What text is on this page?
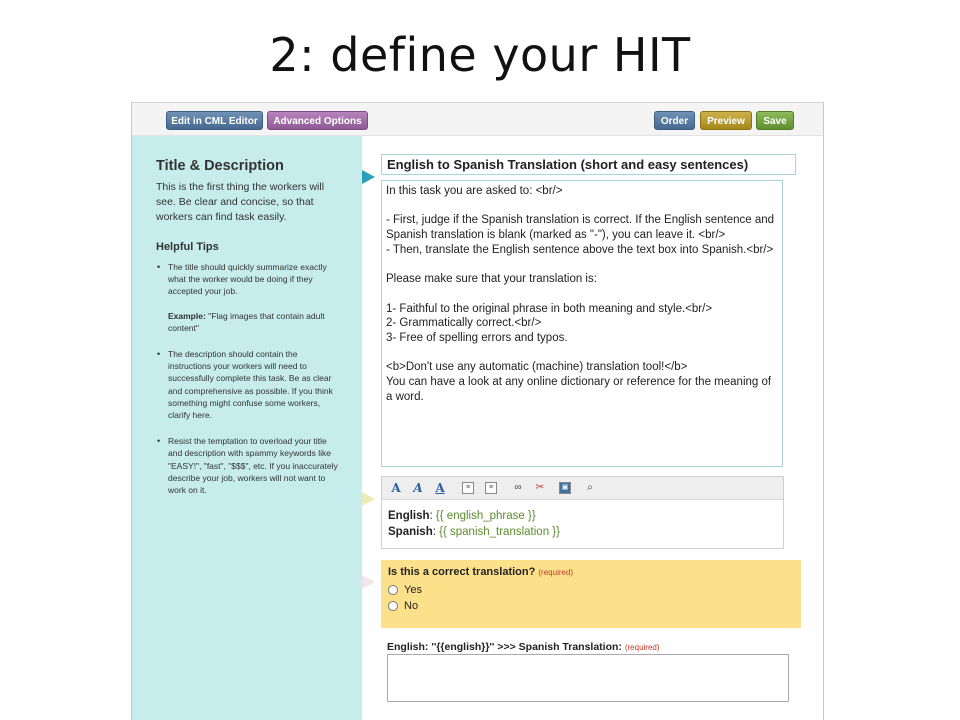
2: define your HIT
Edit in CML Editor	Advanced Options	Order	Preview	Save
Title & Description
This is the first thing the workers will see. Be clear and concise, so that workers can find task easily.
Helpful Tips
• The title should quickly summarize exactly what the worker would be doing if they accepted your job.
Example: "Flag images that contain adult content"
• The description should contain the instructions your workers will need to successfully complete this task. Be as clear and comprehensive as possible. If you think something might confuse some workers, clarify here.
• Resist the temptation to overload your title and description with spammy keywords like "EASY!", "fast", "$$$", etc. If you inaccurately describe your job, workers will not want to work on it.
English to Spanish Translation (short and easy sentences)

In this task you are asked to: <br/>

- First, judge if the Spanish translation is correct. If the English sentence and Spanish translation is blank (marked as "-"), you can leave it. <br/>

- Then, translate the English sentence above the text box into Spanish.<br/>

Please make sure that your translation is:

1- Faithful to the original phrase in both meaning and style.<br/>

2- Grammatically correct.<br/>

3- Free of spelling errors and typos.

<b>Don't use any automatic (machine) translation tool!</b>

You can have a look at any online dictionary or reference for the meaning of a word.

A A A	≡	≡	∞	✂	▣	⌕
English: {{ english_phrase }}
Spanish: {{ spanish_translation }}
Is this a correct translation? (required)
Yes
No
English: ''{{english}}'' >>> Spanish Translation: (required)
